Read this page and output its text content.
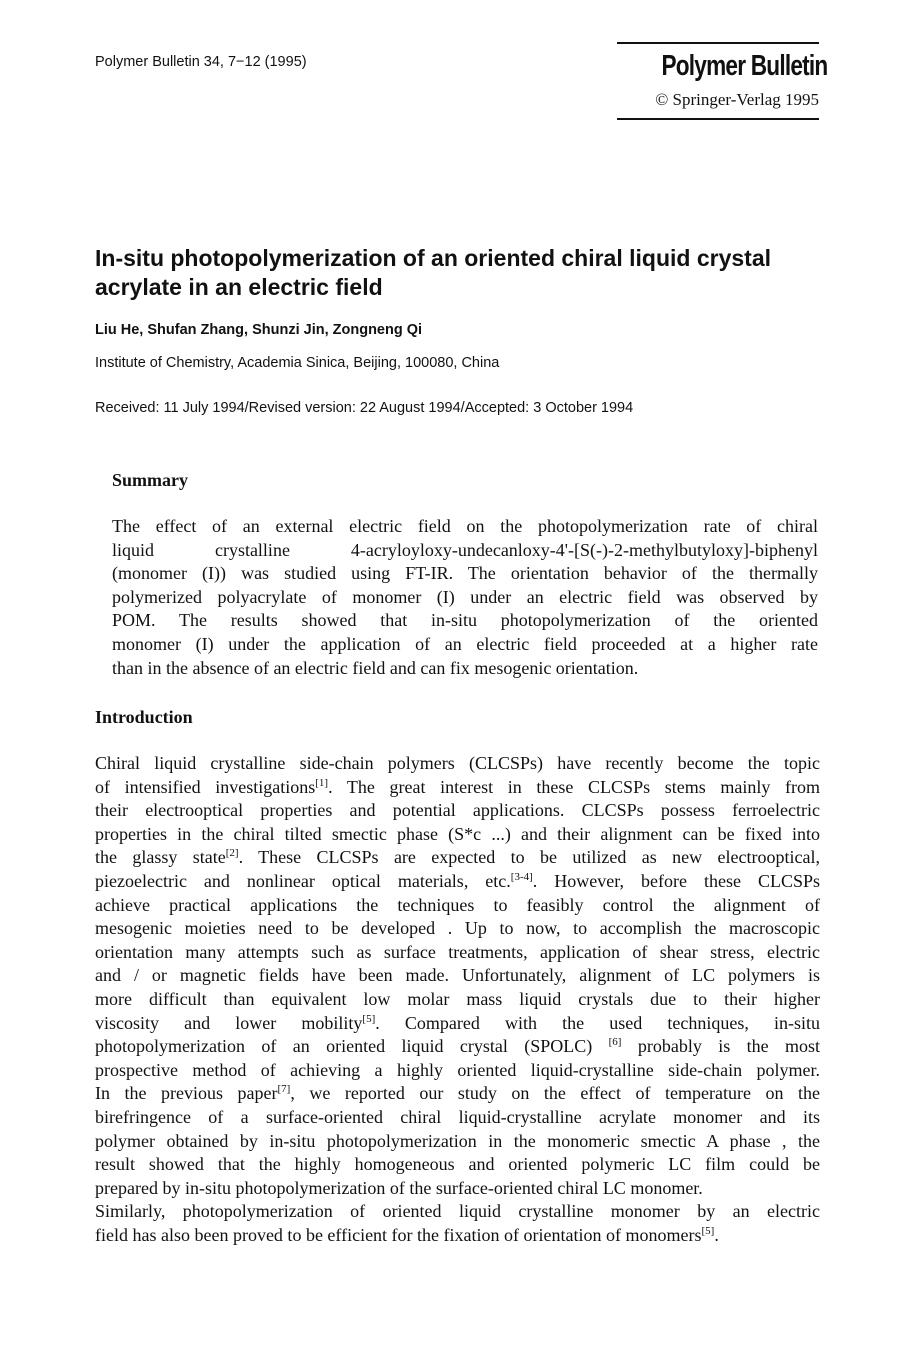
Polymer Bulletin 34, 7−12 (1995)	Polymer Bulletin
© Springer-Verlag 1995
In-situ photopolymerization of an oriented chiral liquid crystal acrylate in an electric field
Liu He, Shufan Zhang, Shunzi Jin, Zongneng Qi
Institute of Chemistry, Academia Sinica, Beijing, 100080, China
Received: 11 July 1994/Revised version: 22 August 1994/Accepted: 3 October 1994
Summary
The effect of an external electric field on the photopolymerization rate of chiral
liquid crystalline 4-acryloyloxy-undecanloxy-4'-[S(-)-2-methylbutyloxy]-biphenyl
(monomer (I)) was studied using FT-IR. The orientation behavior of the thermally
polymerized polyacrylate of monomer (I) under an electric field was observed by
POM. The results showed that in-situ photopolymerization of the oriented
monomer (I) under the application of an electric field proceeded at a higher rate
than in the absence of an electric field and can fix mesogenic orientation.
Introduction
Chiral liquid crystalline side-chain polymers (CLCSPs) have recently become the topic
of intensified investigations[1]. The great interest in these CLCSPs stems mainly from
their electrooptical properties and potential applications. CLCSPs possess ferroelectric
properties in the chiral tilted smectic phase (S*c ...) and their alignment can be fixed into
the glassy state[2]. These CLCSPs are expected to be utilized as new electrooptical,
piezoelectric and nonlinear optical materials, etc.[3-4]. However, before these CLCSPs
achieve practical applications the techniques to feasibly control the alignment of
mesogenic moieties need to be developed . Up to now, to accomplish the macroscopic
orientation many attempts such as surface treatments, application of shear stress, electric
and / or magnetic fields have been made. Unfortunately, alignment of LC polymers is
more difficult than equivalent low molar mass liquid crystals due to their higher
viscosity and lower mobility[5]. Compared with the used techniques, in-situ
photopolymerization of an oriented liquid crystal (SPOLC) [6] probably is the most
prospective method of achieving a highly oriented liquid-crystalline side-chain polymer.
In the previous paper[7], we reported our study on the effect of temperature on the
birefringence of a surface-oriented chiral liquid-crystalline acrylate monomer and its
polymer obtained by in-situ photopolymerization in the monomeric smectic A phase , the
result showed that the highly homogeneous and oriented polymeric LC film could be
prepared by in-situ photopolymerization of the surface-oriented chiral LC monomer.
Similarly, photopolymerization of oriented liquid crystalline monomer by an electric
field has also been proved to be efficient for the fixation of orientation of monomers[5].
